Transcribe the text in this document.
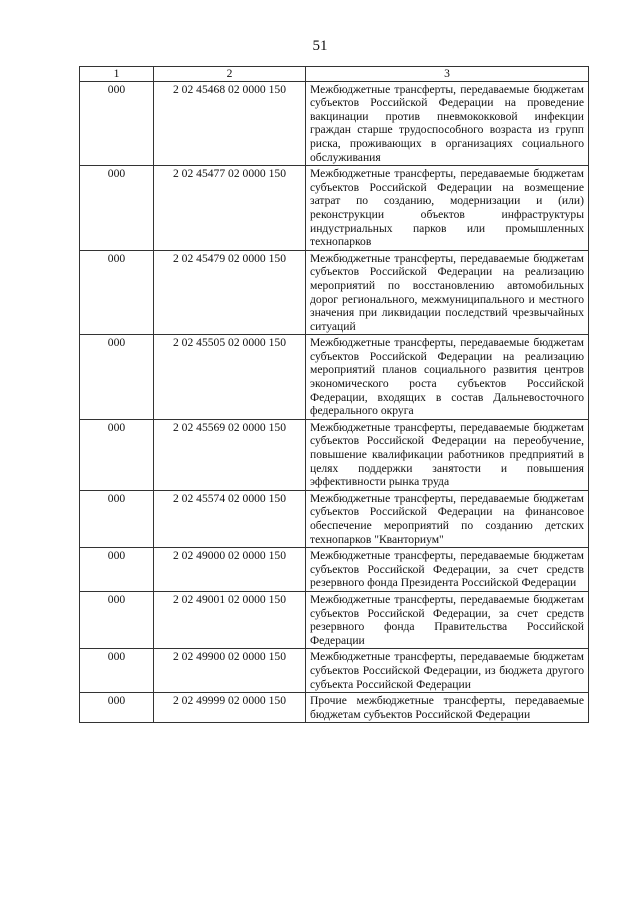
51
1	2	3
000	2 02 45468 02 0000 150	Межбюджетные трансферты, передаваемые бюджетам субъектов Российской Федерации на проведение вакцинации против пневмококковой инфекции граждан старше трудоспособного возраста из групп риска, проживающих в организациях социального обслуживания
000	2 02 45477 02 0000 150	Межбюджетные трансферты, передаваемые бюджетам субъектов Российской Федерации на возмещение затрат по созданию, модернизации и (или) реконструкции объектов инфраструктуры индустриальных парков или промышленных технопарков
000	2 02 45479 02 0000 150	Межбюджетные трансферты, передаваемые бюджетам субъектов Российской Федерации на реализацию мероприятий по восстановлению автомобильных дорог регионального, межмуниципального и местного значения при ликвидации последствий чрезвычайных ситуаций
000	2 02 45505 02 0000 150	Межбюджетные трансферты, передаваемые бюджетам субъектов Российской Федерации на реализацию мероприятий планов социального развития центров экономического роста субъектов Российской Федерации, входящих в состав Дальневосточного федерального округа
000	2 02 45569 02 0000 150	Межбюджетные трансферты, передаваемые бюджетам субъектов Российской Федерации на переобучение, повышение квалификации работников предприятий в целях поддержки занятости и повышения эффективности рынка труда
000	2 02 45574 02 0000 150	Межбюджетные трансферты, передаваемые бюджетам субъектов Российской Федерации на финансовое обеспечение мероприятий по созданию детских технопарков "Кванториум"
000	2 02 49000 02 0000 150	Межбюджетные трансферты, передаваемые бюджетам субъектов Российской Федерации, за счет средств резервного фонда Президента Российской Федерации
000	2 02 49001 02 0000 150	Межбюджетные трансферты, передаваемые бюджетам субъектов Российской Федерации, за счет средств резервного фонда Правительства Российской Федерации
000	2 02 49900 02 0000 150	Межбюджетные трансферты, передаваемые бюджетам субъектов Российской Федерации, из бюджета другого субъекта Российской Федерации
000	2 02 49999 02 0000 150	Прочие межбюджетные трансферты, передаваемые бюджетам субъектов Российской Федерации
